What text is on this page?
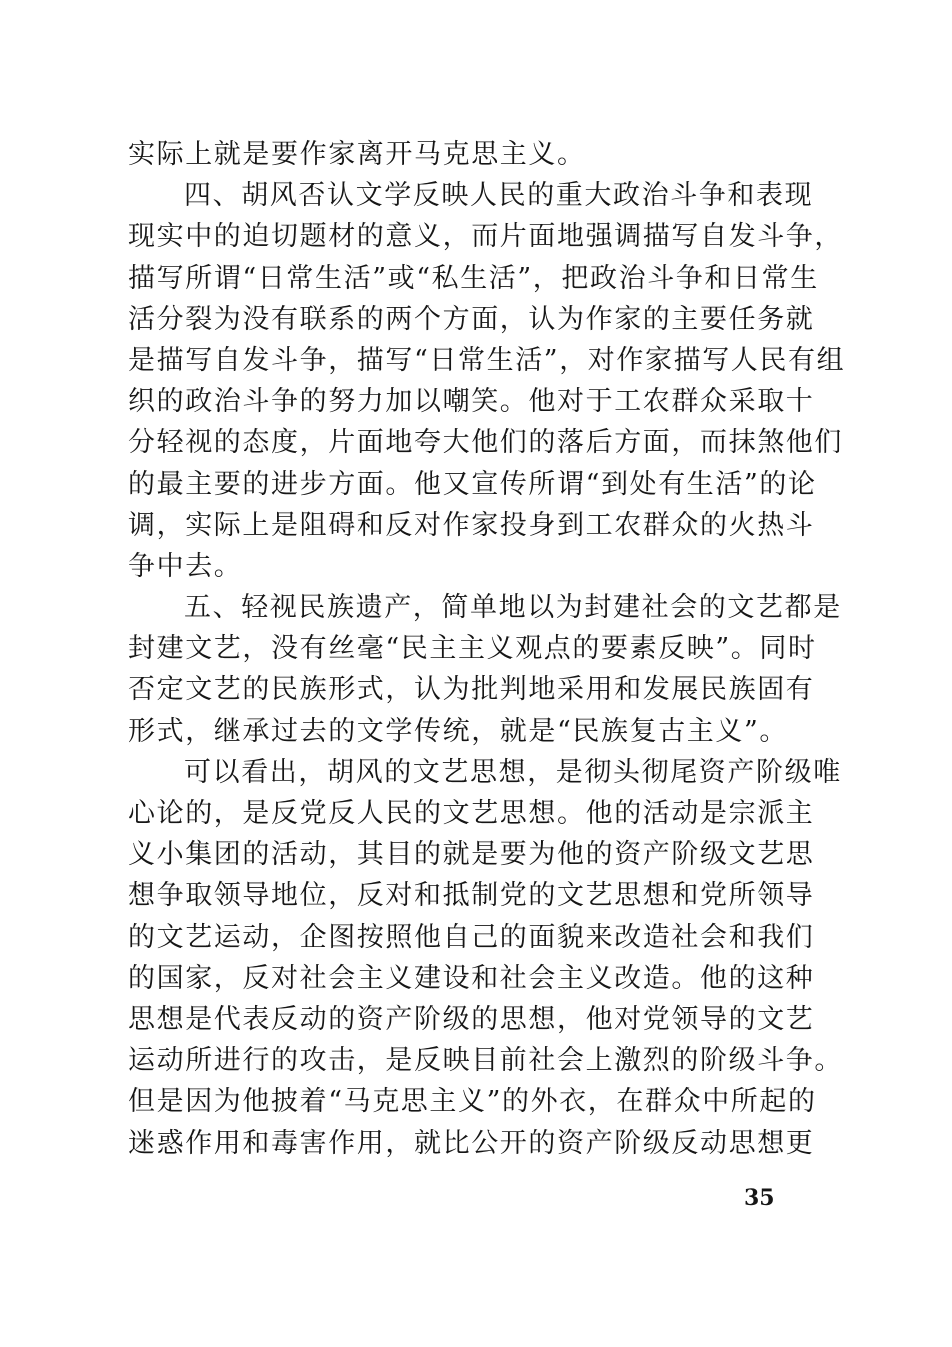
实际上就是要作家离开马克思主义。
四、胡风否认文学反映人民的重大政治斗争和表现
现实中的迫切题材的意义，而片面地强调描写自发斗争，
描写所谓“日常生活”或“私生活”，把政治斗争和日常生
活分裂为没有联系的两个方面，认为作家的主要任务就
是描写自发斗争，描写“日常生活”，对作家描写人民有组
织的政治斗争的努力加以嘲笑。他对于工农群众采取十
分轻视的态度，片面地夸大他们的落后方面，而抹煞他们
的最主要的进步方面。他又宣传所谓“到处有生活”的论
调，实际上是阻碍和反对作家投身到工农群众的火热斗
争中去。
五、轻视民族遗产，简单地以为封建社会的文艺都是
封建文艺，没有丝毫“民主主义观点的要素反映”。同时
否定文艺的民族形式，认为批判地采用和发展民族固有
形式，继承过去的文学传统，就是“民族复古主义”。
可以看出，胡风的文艺思想，是彻头彻尾资产阶级唯
心论的，是反党反人民的文艺思想。他的活动是宗派主
义小集团的活动，其目的就是要为他的资产阶级文艺思
想争取领导地位，反对和抵制党的文艺思想和党所领导
的文艺运动，企图按照他自己的面貌来改造社会和我们
的国家，反对社会主义建设和社会主义改造。他的这种
思想是代表反动的资产阶级的思想，他对党领导的文艺
运动所进行的攻击，是反映目前社会上激烈的阶级斗争。
但是因为他披着“马克思主义”的外衣，在群众中所起的
迷惑作用和毒害作用，就比公开的资产阶级反动思想更
35
